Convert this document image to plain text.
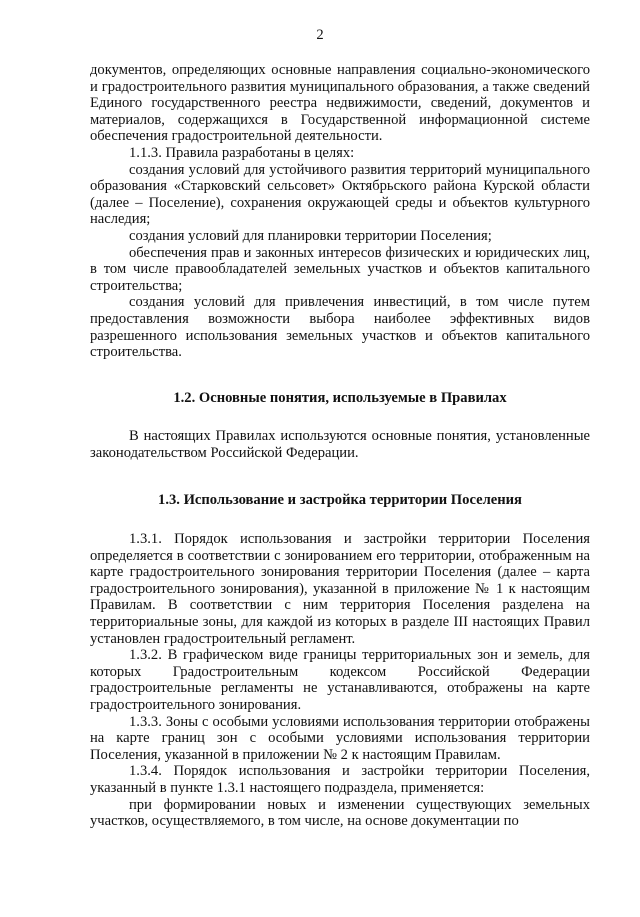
2

документов, определяющих основные направления социально-экономического и градостроительного развития муниципального образования, а также сведений Единого государственного реестра недвижимости, сведений, документов и материалов, содержащихся в Государственной информационной системе обеспечения градостроительной деятельности.

1.1.3. Правила разработаны в целях:

создания условий для устойчивого развития территорий муниципального образования «Старковский сельсовет» Октябрьского района Курской области (далее – Поселение), сохранения окружающей среды и объектов культурного наследия;

создания условий для планировки территории Поселения;

обеспечения прав и законных интересов физических и юридических лиц, в том числе правообладателей земельных участков и объектов капитального строительства;

создания условий для привлечения инвестиций, в том числе путем предоставления возможности выбора наиболее эффективных видов разрешенного использования земельных участков и объектов капитального строительства.

1.2. Основные понятия, используемые в Правилах

В настоящих Правилах используются основные понятия, установленные законодательством Российской Федерации.

1.3. Использование и застройка территории Поселения

1.3.1. Порядок использования и застройки территории Поселения определяется в соответствии с зонированием его территории, отображенным на карте градостроительного зонирования территории Поселения (далее – карта градостроительного зонирования), указанной в приложение № 1 к настоящим Правилам. В соответствии с ним территория Поселения разделена на территориальные зоны, для каждой из которых в разделе III настоящих Правил установлен градостроительный регламент.

1.3.2. В графическом виде границы территориальных зон и земель, для которых Градостроительным кодексом Российской Федерации градостроительные регламенты не устанавливаются, отображены на карте градостроительного зонирования.

1.3.3. Зоны с особыми условиями использования территории отображены на карте границ зон с особыми условиями использования территории Поселения, указанной в приложении № 2 к настоящим Правилам.

1.3.4. Порядок использования и застройки территории Поселения, указанный в пункте 1.3.1 настоящего подраздела, применяется:

при формировании новых и изменении существующих земельных участков, осуществляемого, в том числе, на основе документации по
